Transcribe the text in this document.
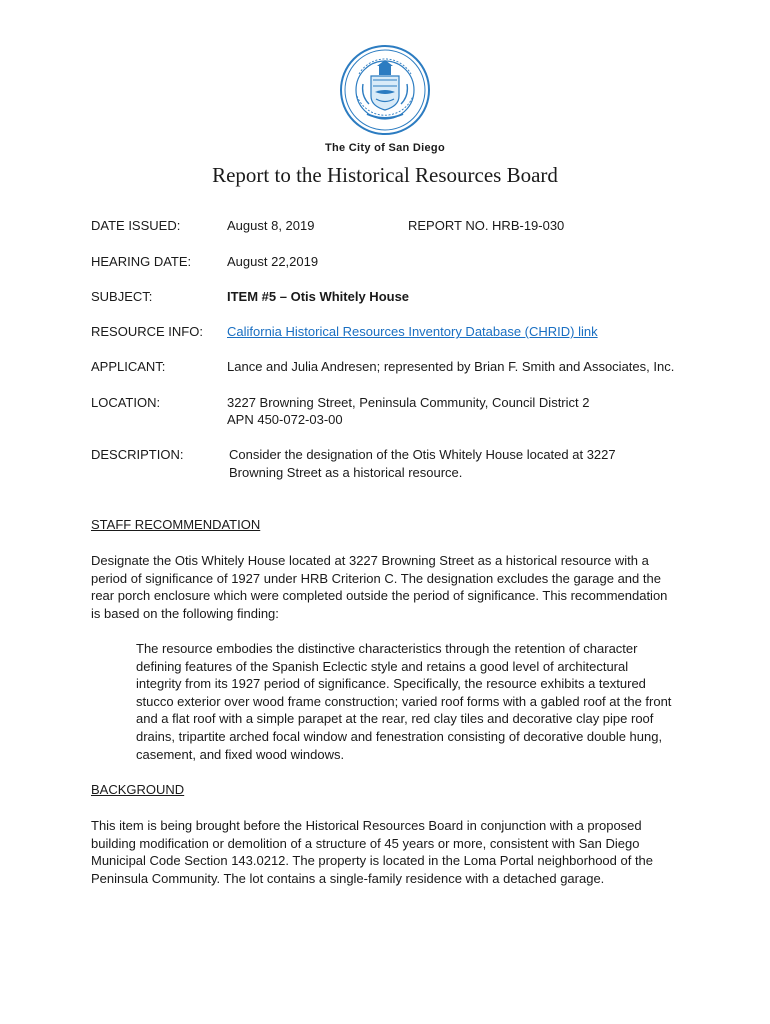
The City of San Diego
Report to the Historical Resources Board
DATE ISSUED:	August 8, 2019	REPORT NO. HRB-19-030
HEARING DATE:	August 22,2019
SUBJECT:	ITEM #5 – Otis Whitely House
RESOURCE INFO: California Historical Resources Inventory Database (CHRID) link
APPLICANT:	Lance and Julia Andresen; represented by Brian F. Smith and Associates, Inc.
LOCATION:	3227 Browning Street, Peninsula Community, Council District 2
APN 450-072-03-00
DESCRIPTION:	Consider the designation of the Otis Whitely House located at 3227 Browning Street as a historical resource.
STAFF RECOMMENDATION
Designate the Otis Whitely House located at 3227 Browning Street as a historical resource with a period of significance of 1927 under HRB Criterion C. The designation excludes the garage and the rear porch enclosure which were completed outside the period of significance. This recommendation is based on the following finding:
The resource embodies the distinctive characteristics through the retention of character defining features of the Spanish Eclectic style and retains a good level of architectural integrity from its 1927 period of significance. Specifically, the resource exhibits a textured stucco exterior over wood frame construction; varied roof forms with a gabled roof at the front and a flat roof with a simple parapet at the rear, red clay tiles and decorative clay pipe roof drains, tripartite arched focal window and fenestration consisting of decorative double hung, casement, and fixed wood windows.
BACKGROUND
This item is being brought before the Historical Resources Board in conjunction with a proposed building modification or demolition of a structure of 45 years or more, consistent with San Diego Municipal Code Section 143.0212. The property is located in the Loma Portal neighborhood of the Peninsula Community. The lot contains a single-family residence with a detached garage.
